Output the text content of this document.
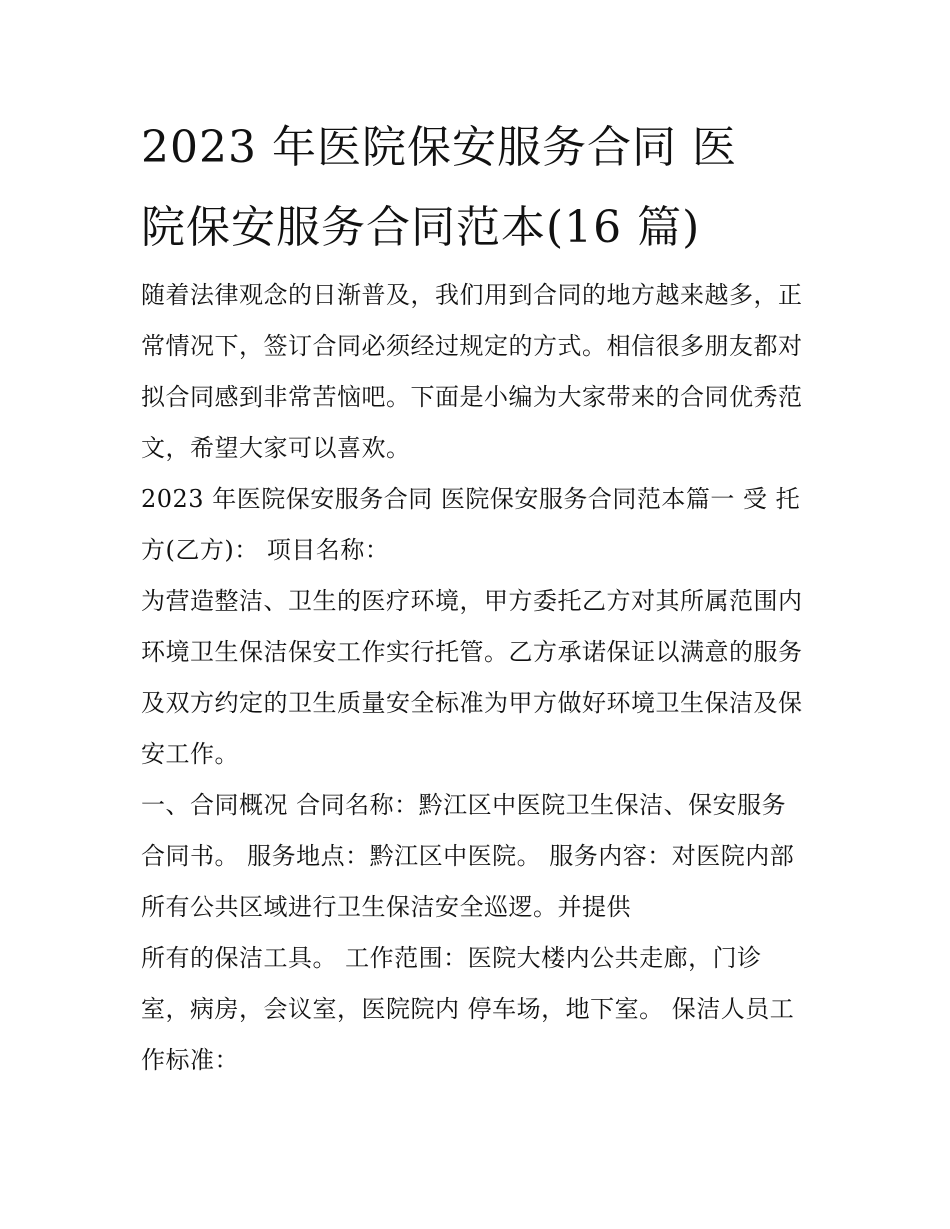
2023 年医院保安服务合同 医
院保安服务合同范本(16 篇)

随着法律观念的日渐普及，我们用到合同的地方越来越多，正

常情况下，签订合同必须经过规定的方式。相信很多朋友都对

拟合同感到非常苦恼吧。下面是小编为大家带来的合同优秀范

文，希望大家可以喜欢。

2023 年医院保安服务合同 医院保安服务合同范本篇一 受 托

方(乙方)： 项目名称：

为营造整洁、卫生的医疗环境，甲方委托乙方对其所属范围内

环境卫生保洁保安工作实行托管。乙方承诺保证以满意的服务

及双方约定的卫生质量安全标准为甲方做好环境卫生保洁及保

安工作。

一、合同概况 合同名称：黔江区中医院卫生保洁、保安服务

合同书。 服务地点：黔江区中医院。 服务内容：对医院内部

所有公共区域进行卫生保洁安全巡逻。并提供

所有的保洁工具。 工作范围：医院大楼内公共走廊，门诊

室，病房，会议室，医院院内 停车场，地下室。 保洁人员工

作标准：
